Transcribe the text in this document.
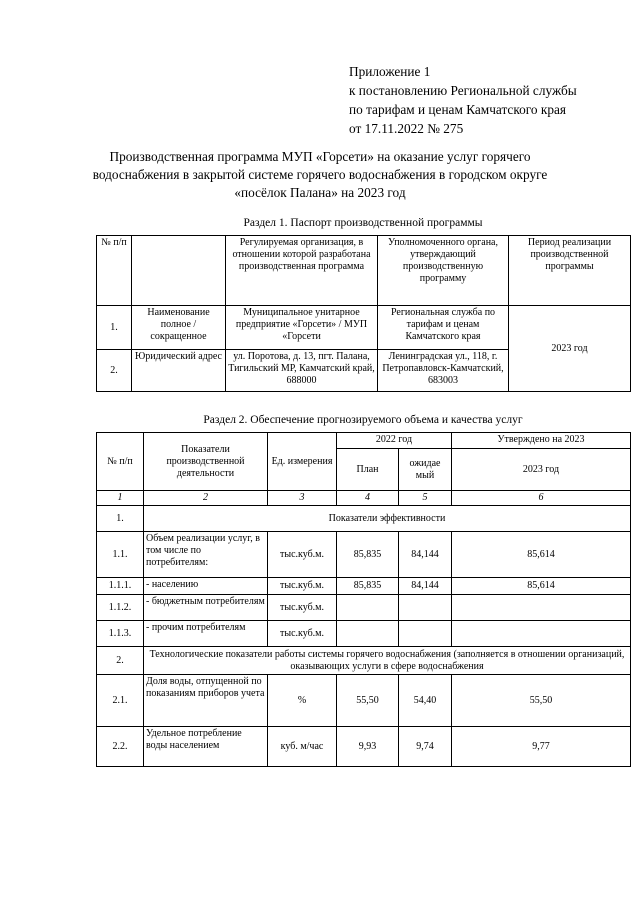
Приложение 1
к постановлению Региональной службы
по тарифам и ценам Камчатского края
от 17.11.2022 № 275
Производственная программа МУП «Горсети» на оказание услуг горячего
водоснабжения в закрытой системе горячего водоснабжения в городском округе
«посёлок Палана» на 2023 год
Раздел 1. Паспорт производственной программы
№ п/п		Регулируемая организация, в отношении которой разработана производственная программа	Уполномоченного органа, утверждающий производственную программу	Период реализации производственной программы
1.	Наименование полное / сокращенное	Муниципальное унитарное предприятие «Горсети» / МУП «Горсети	Региональная служба по тарифам и ценам Камчатского края	2023 год
2.	Юридический адрес	ул. Поротова, д. 13, пгт. Палана, Тигильский МР, Камчатский край, 688000	Ленинградская ул., 118, г. Петропавловск-Камчатский, 683003	
Раздел 2. Обеспечение прогнозируемого объема и качества услуг
№ п/п	Показатели производственной деятельности	Ед. измерения	2022 год		Утверждено на 2023
			План	ожидае мый	2023 год
1	2	3	4	5	6
1.	Показатели эффективности				
1.1.	Объем реализации услуг, в том числе по потребителям:	тыс.куб.м.	85,835	84,144	85,614
1.1.1.	- населению	тыс.куб.м.	85,835	84,144	85,614
1.1.2.	- бюджетным потребителям	тыс.куб.м.			
1.1.3.	- прочим потребителям	тыс.куб.м.			
2.	Технологические показатели работы системы горячего водоснабжения (заполняется в отношении организаций, оказывающих услуги в сфере водоснабжения				
2.1.	Доля воды, отпущенной по показаниям приборов учета	%	55,50	54,40	55,50
2.2.	Удельное потребление воды населением	куб. м/час	9,93	9,74	9,77
